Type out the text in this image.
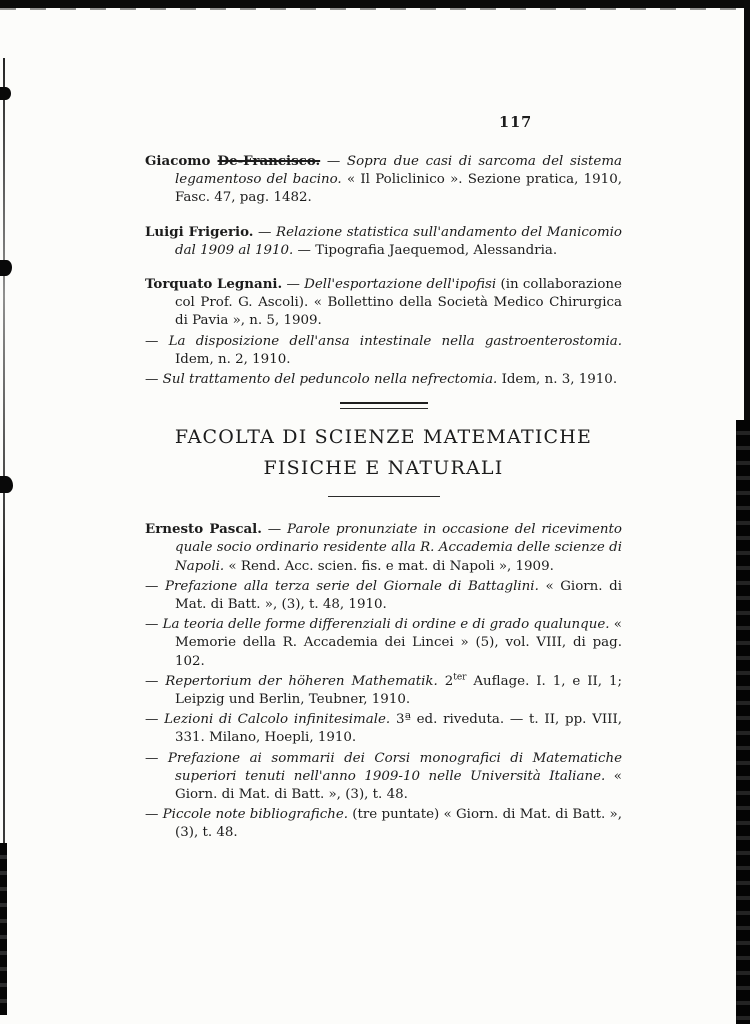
117

Giacomo De-Francisco. — Sopra due casi di sarcoma del sistema legamentoso del bacino. « Il Policlinico ». Sezione pratica, 1910, Fasc. 47, pag. 1482.

Luigi Frigerio. — Relazione statistica sull'andamento del Manicomio dal 1909 al 1910. — Tipografia Jaequemod, Alessandria.

Torquato Legnani. — Dell'esportazione dell'ipofisi (in collaborazione col Prof. G. Ascoli). « Bollettino della Società Medico Chirurgica di Pavia », n. 5, 1909.

— La disposizione dell'ansa intestinale nella gastroenterostomia. Idem, n. 2, 1910.

— Sul trattamento del peduncolo nella nefrectomia. Idem, n. 3, 1910.

FACOLTA DI SCIENZE MATEMATICHE
FISICHE E NATURALI

Ernesto Pascal. — Parole pronunziate in occasione del ricevimento quale socio ordinario residente alla R. Accademia delle scienze di Napoli. « Rend. Acc. scien. fis. e mat. di Napoli », 1909.

— Prefazione alla terza serie del Giornale di Battaglini. « Giorn. di Mat. di Batt. », (3), t. 48, 1910.

— La teoria delle forme differenziali di ordine e di grado qualunque. « Memorie della R. Accademia dei Lincei » (5), vol. VIII, di pag. 102.

— Repertorium der höheren Mathematik. $2^{ter}$ Auflage. I. 1, e II, 1; Leipzig und Berlin, Teubner, 1910.

— Lezioni di Calcolo infinitesimale. 3ª ed. riveduta. — t. II, pp. VIII, 331. Milano, Hoepli, 1910.

— Prefazione ai sommarii dei Corsi monografici di Matematiche superiori tenuti nell'anno 1909-10 nelle Università Italiane. « Giorn. di Mat. di Batt. », (3), t. 48.

— Piccole note bibliografiche. (tre puntate) « Giorn. di Mat. di Batt. », (3), t. 48.
